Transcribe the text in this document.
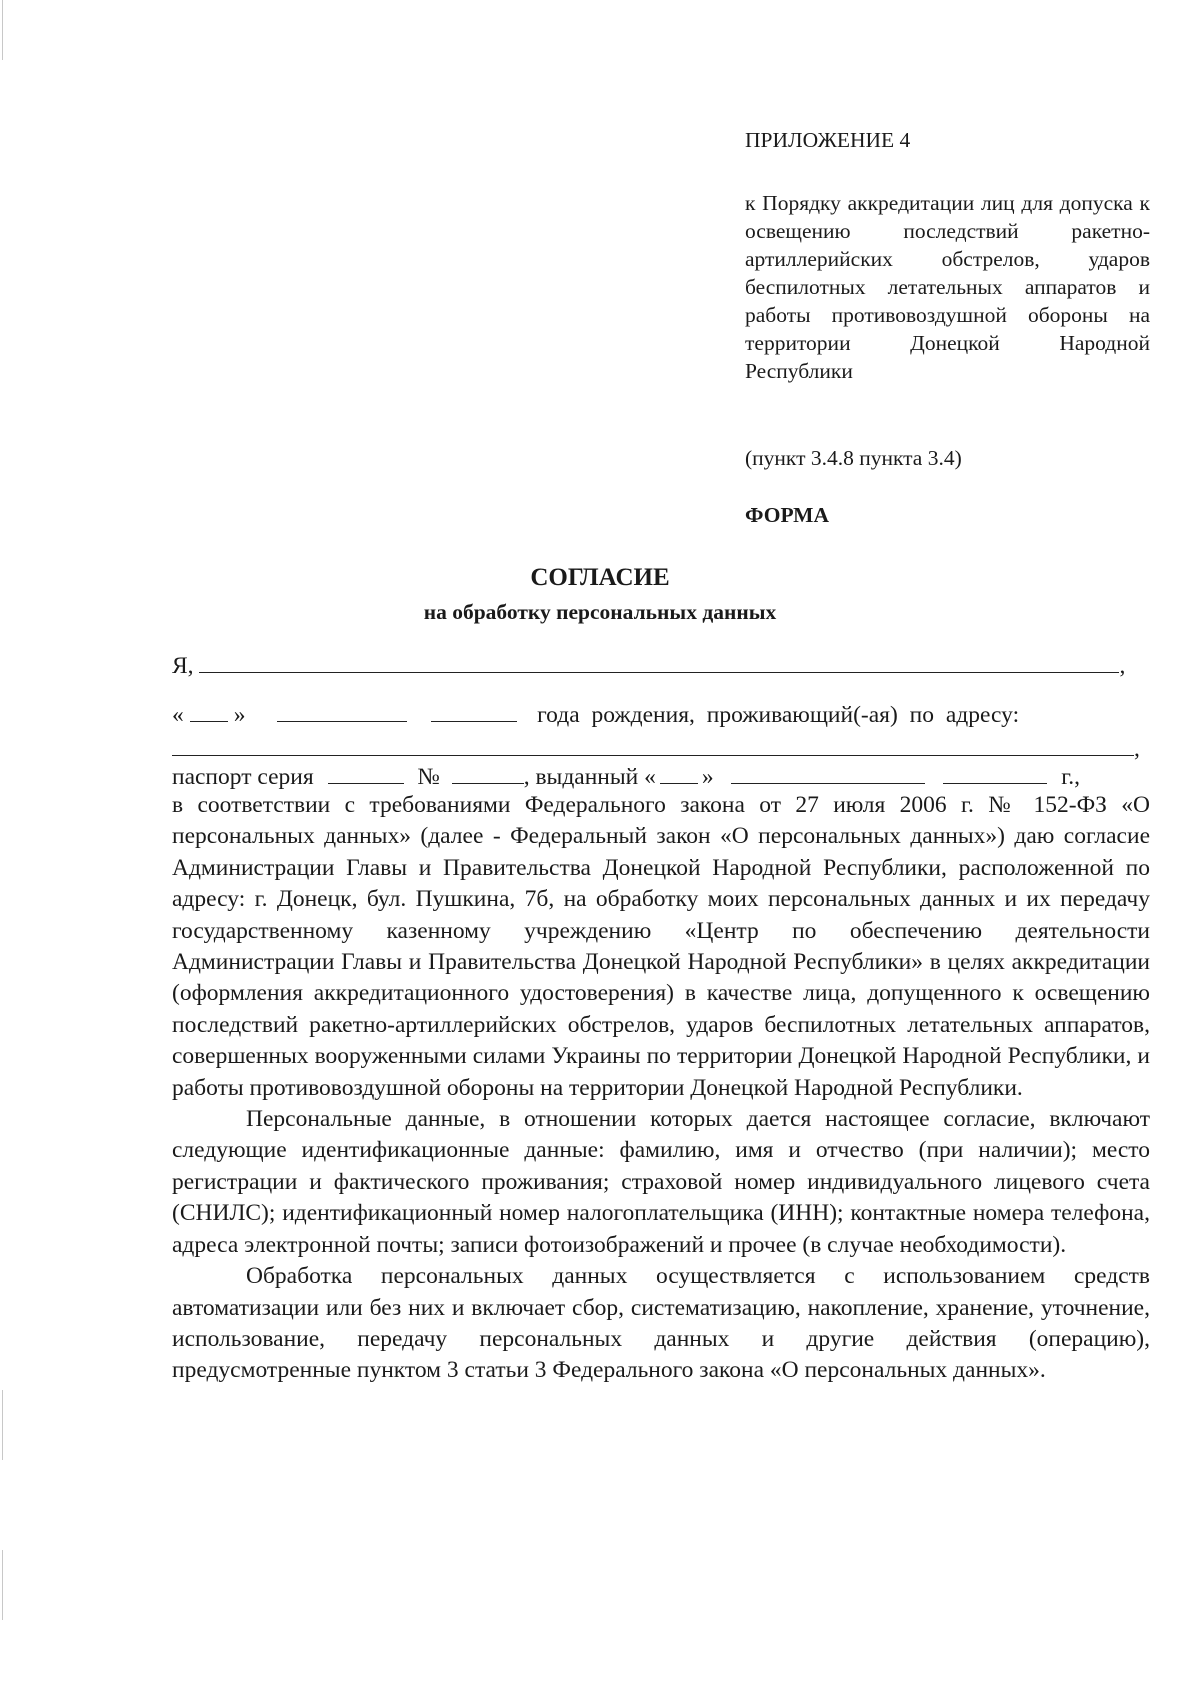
ПРИЛОЖЕНИЕ 4
к Порядку аккредитации лиц для допуска к освещению последствий ракетно-артиллерийских обстрелов, ударов беспилотных летательных аппаратов и работы противовоздушной обороны на территории Донецкой Народной Республики
(пункт 3.4.8 пункта 3.4)
ФОРМА
СОГЛАСИЕ
на обработку персональных данных
Я,	,
« »	года рождения, проживающий(-ая) по адресу:
,
паспорт серия	№	, выданный « »	г.,

в соответствии с требованиями Федерального закона от 27 июля 2006 г. № 152-ФЗ «О персональных данных» (далее - Федеральный закон «О персональных данных») даю согласие Администрации Главы и Правительства Донецкой Народной Республики, расположенной по адресу: г. Донецк, бул. Пушкина, 7б, на обработку моих персональных данных и их передачу государственному казенному учреждению «Центр по обеспечению деятельности Администрации Главы и Правительства Донецкой Народной Республики» в целях аккредитации (оформления аккредитационного удостоверения) в качестве лица, допущенного к освещению последствий ракетно-артиллерийских обстрелов, ударов беспилотных летательных аппаратов, совершенных вооруженными силами Украины по территории Донецкой Народной Республики, и работы противовоздушной обороны на территории Донецкой Народной Республики.

Персональные данные, в отношении которых дается настоящее согласие, включают следующие идентификационные данные: фамилию, имя и отчество (при наличии); место регистрации и фактического проживания; страховой номер индивидуального лицевого счета (СНИЛС); идентификационный номер налогоплательщика (ИНН); контактные номера телефона, адреса электронной почты; записи фотоизображений и прочее (в случае необходимости).

Обработка персональных данных осуществляется с использованием средств автоматизации или без них и включает сбор, систематизацию, накопление, хранение, уточнение, использование, передачу персональных данных и другие действия (операцию), предусмотренные пунктом 3 статьи 3 Федерального закона «О персональных данных».
